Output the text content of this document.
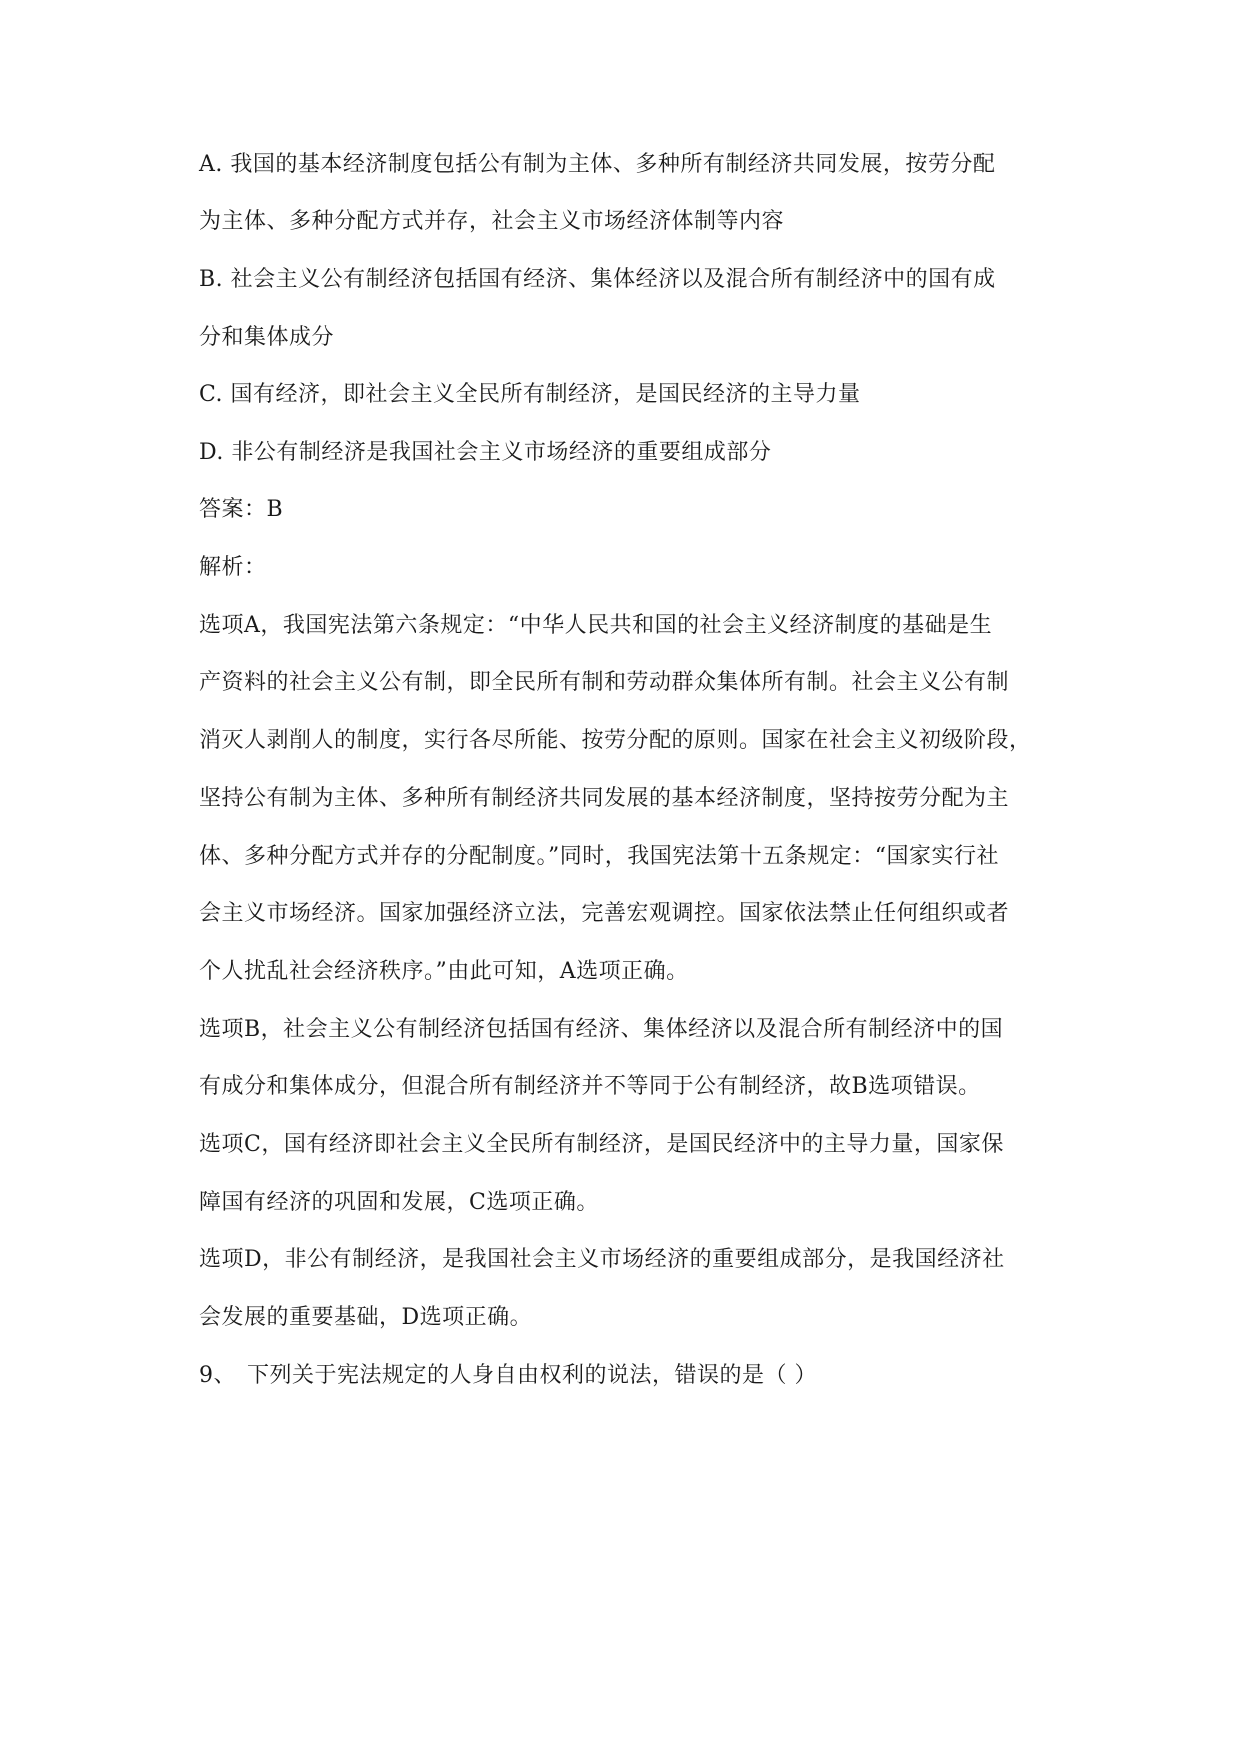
A. 我国的基本经济制度包括公有制为主体、多种所有制经济共同发展，按劳分配
为主体、多种分配方式并存，社会主义市场经济体制等内容
B. 社会主义公有制经济包括国有经济、集体经济以及混合所有制经济中的国有成
分和集体成分
C. 国有经济，即社会主义全民所有制经济，是国民经济的主导力量
D. 非公有制经济是我国社会主义市场经济的重要组成部分
答案：B
解析：
选项A，我国宪法第六条规定：“中华人民共和国的社会主义经济制度的基础是生
产资料的社会主义公有制，即全民所有制和劳动群众集体所有制。社会主义公有制
消灭人剥削人的制度，实行各尽所能、按劳分配的原则。国家在社会主义初级阶段，
坚持公有制为主体、多种所有制经济共同发展的基本经济制度，坚持按劳分配为主
体、多种分配方式并存的分配制度。”同时，我国宪法第十五条规定：“国家实行社
会主义市场经济。国家加强经济立法，完善宏观调控。国家依法禁止任何组织或者
个人扰乱社会经济秩序。”由此可知，A选项正确。
选项B，社会主义公有制经济包括国有经济、集体经济以及混合所有制经济中的国
有成分和集体成分，但混合所有制经济并不等同于公有制经济，故B选项错误。
选项C，国有经济即社会主义全民所有制经济，是国民经济中的主导力量，国家保
障国有经济的巩固和发展，C选项正确。
选项D，非公有制经济，是我国社会主义市场经济的重要组成部分，是我国经济社
会发展的重要基础，D选项正确。
9、 下列关于宪法规定的人身自由权利的说法，错误的是（ ）
